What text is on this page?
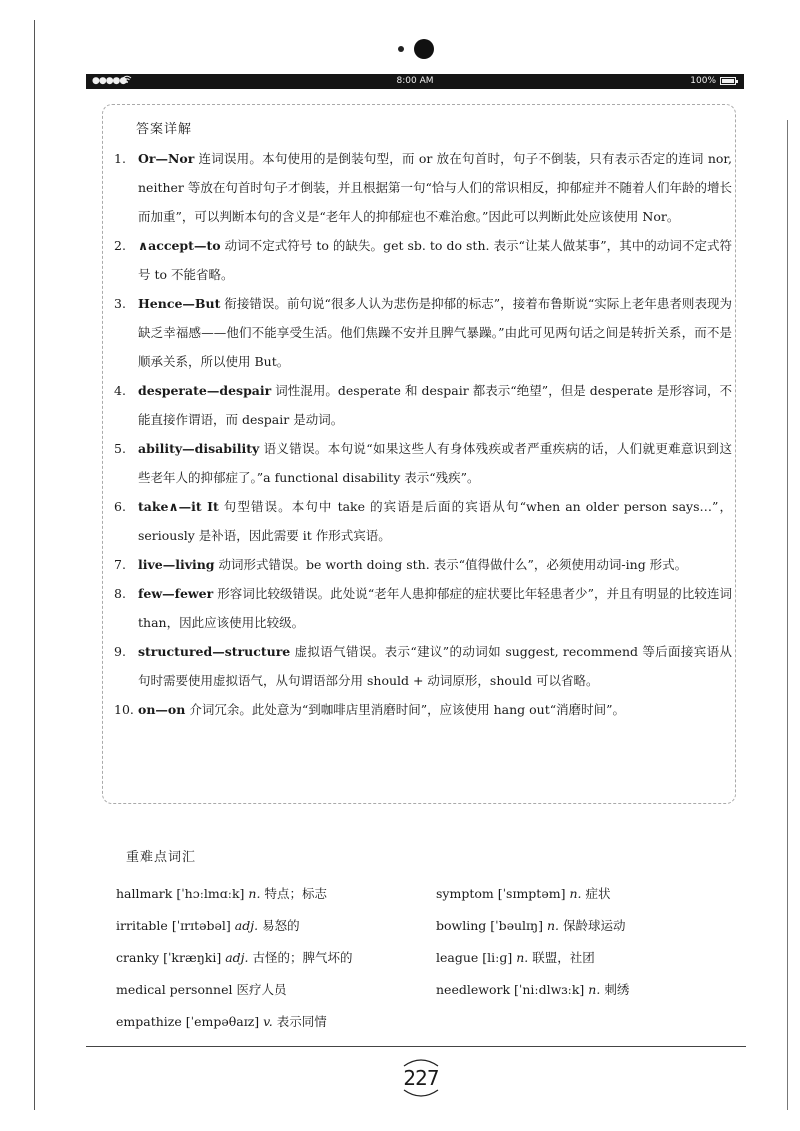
●●●●●	8:00 AM	100%
答案详解
1. Or—Nor 连词误用。本句使用的是倒装句型，而 or 放在句首时，句子不倒装，只有表示否定的连词 nor, neither 等放在句首时句子才倒装，并且根据第一句“恰与人们的常识相反，抑郁症并不随着人们年龄的增长而加重”，可以判断本句的含义是“老年人的抑郁症也不难治愈。”因此可以判断此处应该使用 Nor。
2. ∧accept—to 动词不定式符号 to 的缺失。get sb. to do sth. 表示“让某人做某事”，其中的动词不定式符号 to 不能省略。
3. Hence—But 衔接错误。前句说“很多人认为悲伤是抑郁的标志”，接着布鲁斯说“实际上老年患者则表现为缺乏幸福感——他们不能享受生活。他们焦躁不安并且脾气暴躁。”由此可见两句话之间是转折关系，而不是顺承关系，所以使用 But。
4. desperate—despair 词性混用。desperate 和 despair 都表示“绝望”，但是 desperate 是形容词，不能直接作谓语，而 despair 是动词。
5. ability—disability 语义错误。本句说“如果这些人有身体残疾或者严重疾病的话，人们就更难意识到这些老年人的抑郁症了。”a functional disability 表示“残疾”。
6. take∧—it It 句型错误。本句中 take 的宾语是后面的宾语从句“when an older person says…”，seriously 是补语，因此需要 it 作形式宾语。
7. live—living 动词形式错误。be worth doing sth. 表示“值得做什么”，必须使用动词-ing 形式。
8. few—fewer 形容词比较级错误。此处说“老年人患抑郁症的症状要比年轻患者少”，并且有明显的比较连词 than，因此应该使用比较级。
9. structured—structure 虚拟语气错误。表示“建议”的动词如 suggest, recommend 等后面接宾语从句时需要使用虚拟语气，从句谓语部分用 should + 动词原形，should 可以省略。
10. on—on 介词冗余。此处意为“到咖啡店里消磨时间”，应该使用 hang out“消磨时间”。
重难点词汇
hallmark [ˈhɔːlmɑːk] n. 特点；标志
irritable [ˈɪrɪtəbəl] adj. 易怒的
cranky [ˈkræŋki] adj. 古怪的；脾气坏的
medical personnel 医疗人员
empathize [ˈempəθaɪz] v. 表示同情
symptom [ˈsɪmptəm] n. 症状
bowling [ˈbəulɪŋ] n. 保龄球运动
league [liːɡ] n. 联盟，社团
needlework [ˈniːdlwɜːk] n. 刺绣
227
